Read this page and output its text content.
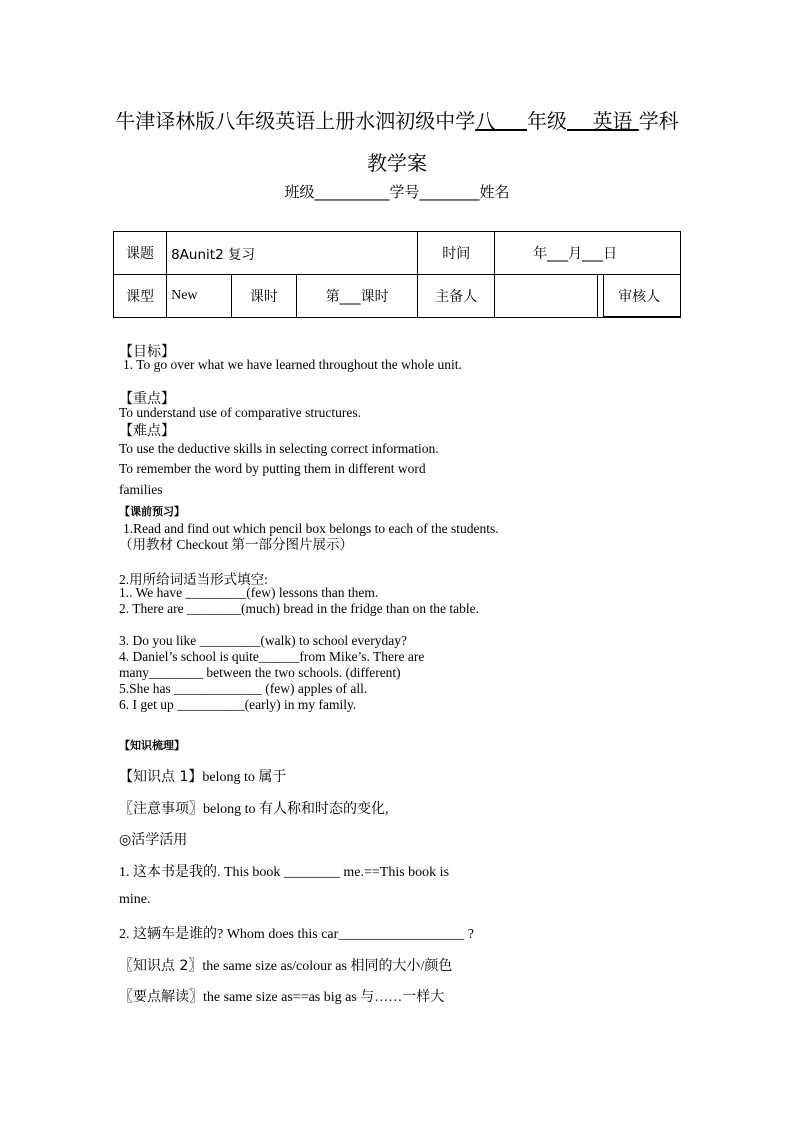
牛津译林版八年级英语上册水泗初级中学八 年级 英语 学科
教学案
班级__________学号________姓名
课题	8Aunit2 复习			时间	年___月___日	
课型	New	课时	第___课时	主备人		审核人
【目标】
1. To go over what we have learned throughout the whole unit.
【重点】
To understand use of comparative structures.
【难点】
To use the deductive skills in selecting correct information.
To remember the word by putting them in different word
families
【课前预习】
1.Read and find out which pencil box belongs to each of the students.（用教材 Checkout 第一部分图片展示）
2.用所给词适当形式填空:
1.. We have _________(few) lessons than them.
2. There are ________(much) bread in the fridge than on the table.
3. Do you like _________(walk) to school everyday?
4. Daniel’s school is quite______from Mike’s. There are many________ between the two schools. (different)
5.She has _____________ (few) apples of all.
6. I get up __________(early) in my family.
【知识梳理】
【知识点 1】belong to 属于
〖注意事项〗belong to 有人称和时态的变化,
◎活学活用
1. 这本书是我的. This book ________ me.==This book is
mine.
2. 这辆车是谁的? Whom does this car__________________ ?
〖知识点 2〗the same size as/colour as 相同的大小/颜色
〖要点解读〗the same size as==as big as 与……一样大
